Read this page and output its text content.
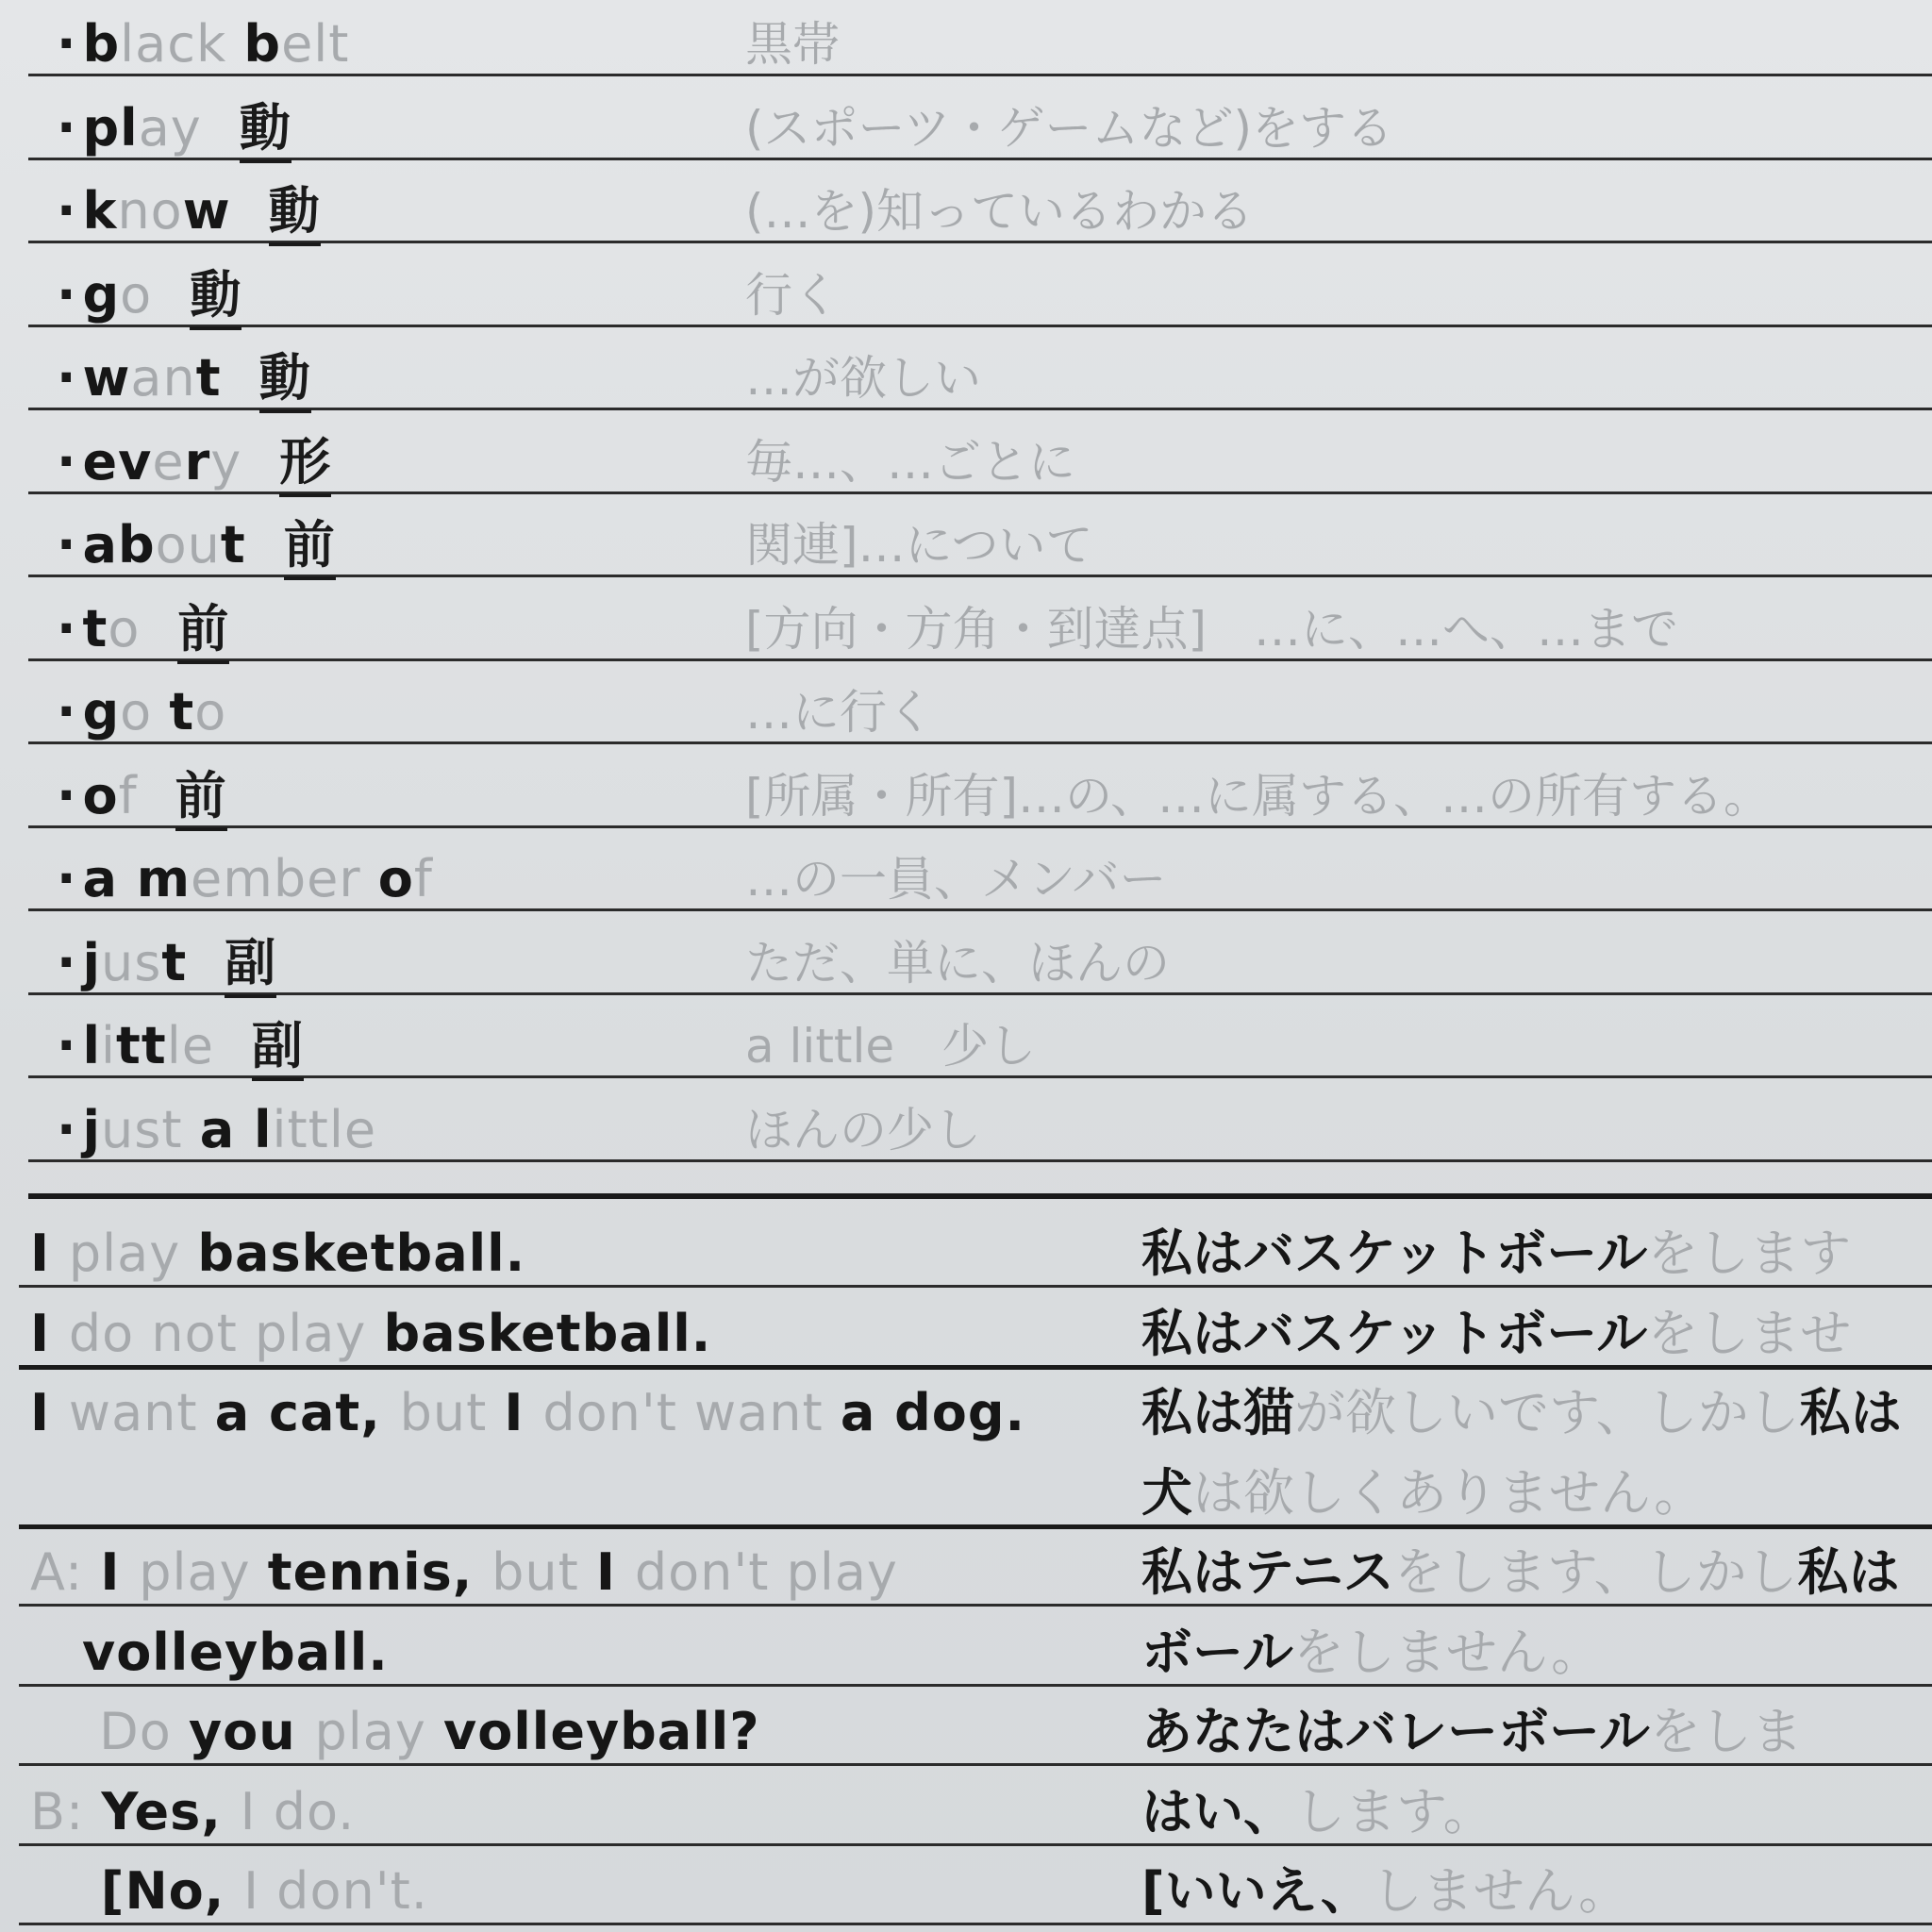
· black belt	黒帯
· play 動	(スポーツ・ゲームなど)をする
· know 動	(…を)知っているわかる
· go 動	行く
· want 動	…が欲しい
· every 形	毎…、…ごとに
· about 前	関連]…について
· to 前	[方向・方角・到達点]　…に、…へ、…まで
· go to	…に行く
· of 前	[所属・所有]…の、…に属する、…の所有する。
· a member of	…の一員、メンバー
· just 副	ただ、単に、ほんの
· little 副	a little　少し
· just a little	ほんの少し
I play basketball.	私はバスケットボールをします
I do not play basketball.	私はバスケットボールをしませ
I want a cat, but I don't want a dog. 私は猫が欲しいです、しかし私は
犬は欲しくありません。
A: I play tennis, but I don't play	私はテニスをします、しかし私は
　volleyball.	ボールをしません。
　 Do you play volleyball?	あなたはバレーボールをしま
B: Yes, I do.	はい、します。
　 [No, I don't.	[いいえ、しません。
